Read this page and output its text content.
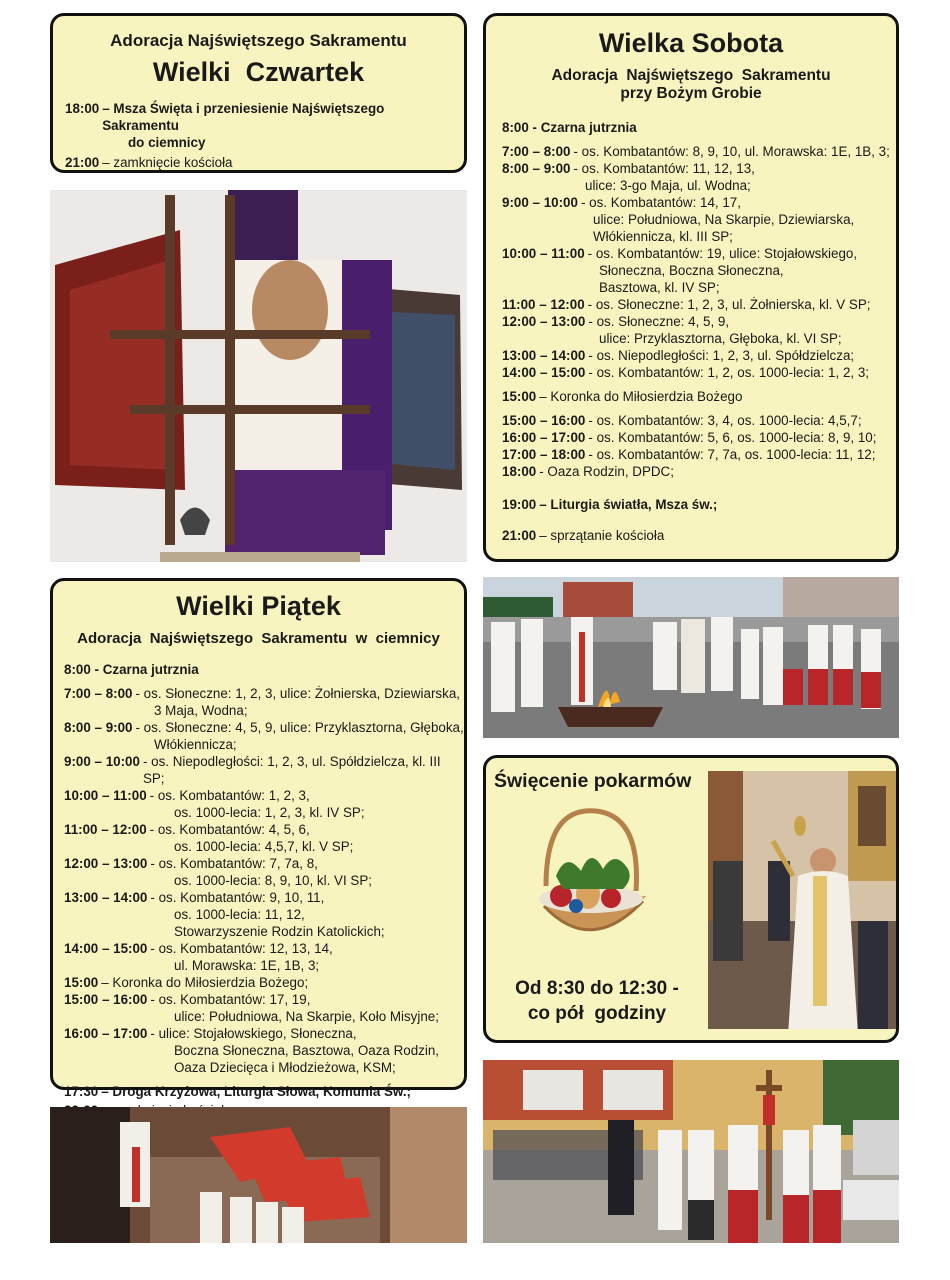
Adoracja Najświętszego Sakramentu
Wielki  Czwartek
18:00 – Msza Święta i przeniesienie Najświętszego Sakramentu
do ciemnicy
21:00 – zamknięcie kościoła
Wielka Sobota
Adoracja  Najświętszego  Sakramentu
przy Bożym Grobie
8:00 - Czarna jutrznia
7:00 – 8:00 - os. Kombatantów: 8, 9, 10, ul. Morawska: 1E, 1B, 3;
8:00 – 9:00 - os. Kombatantów: 11, 12, 13,
ulice: 3-go Maja, ul. Wodna;
9:00 – 10:00 - os. Kombatantów: 14, 17,
ulice: Południowa, Na Skarpie, Dziewiarska,
Włókiennicza, kl. III SP;
10:00 – 11:00 - os. Kombatantów: 19, ulice: Stojałowskiego,
Słoneczna, Boczna Słoneczna,
Basztowa, kl. IV SP;
11:00 – 12:00 - os. Słoneczne: 1, 2, 3, ul. Żołnierska, kl. V SP;
12:00 – 13:00 - os. Słoneczne: 4, 5, 9,
ulice: Przyklasztorna, Głęboka, kl. VI SP;
13:00 – 14:00 - os. Niepodległości: 1, 2, 3, ul. Spółdzielcza;
14:00 – 15:00 - os. Kombatantów: 1, 2, os. 1000-lecia: 1, 2, 3;
15:00 – Koronka do Miłosierdzia Bożego
15:00 – 16:00 - os. Kombatantów: 3, 4, os. 1000-lecia: 4,5,7;
16:00 – 17:00 - os. Kombatantów: 5, 6, os. 1000-lecia: 8, 9, 10;
17:00 – 18:00 - os. Kombatantów: 7, 7a, os. 1000-lecia: 11, 12;
18:00 - Oaza Rodzin, DPDC;
19:00 – Liturgia światła, Msza św.;
21:00 – sprzątanie kościoła
Wielki Piątek
Adoracja  Najświętszego  Sakramentu  w  ciemnicy
8:00 - Czarna jutrznia
7:00 – 8:00 - os. Słoneczne: 1, 2, 3, ulice: Żołnierska, Dziewiarska,
3 Maja, Wodna;
8:00 – 9:00 - os. Słoneczne: 4, 5, 9, ulice: Przyklasztorna, Głęboka,
Włókiennicza;
9:00 – 10:00 - os. Niepodległości: 1, 2, 3, ul. Spółdzielcza, kl. III SP;
10:00 – 11:00 - os. Kombatantów: 1, 2, 3,
os. 1000-lecia: 1, 2, 3, kl. IV SP;
11:00 – 12:00 - os. Kombatantów: 4, 5, 6,
os. 1000-lecia: 4,5,7, kl. V SP;
12:00 – 13:00 - os. Kombatantów: 7, 7a, 8,
os. 1000-lecia: 8, 9, 10, kl. VI SP;
13:00 – 14:00 - os. Kombatantów: 9, 10, 11,
os. 1000-lecia: 11, 12,
Stowarzyszenie Rodzin Katolickich;
14:00 – 15:00 - os. Kombatantów: 12, 13, 14,
ul. Morawska: 1E, 1B, 3;
15:00 – Koronka do Miłosierdzia Bożego;
15:00 – 16:00 - os. Kombatantów: 17, 19,
ulice: Południowa, Na Skarpie, Koło Misyjne;
16:00 – 17:00 - ulice: Stojałowskiego, Słoneczna,
Boczna Słoneczna, Basztowa, Oaza Rodzin,
Oaza Dziecięca i Młodzieżowa, KSM;
17:30 – Droga Krzyżowa, Liturgia Słowa, Komunia Św.;
Święcenie pokarmów
Od 8:30 do 12:30 -
co pół  godziny
